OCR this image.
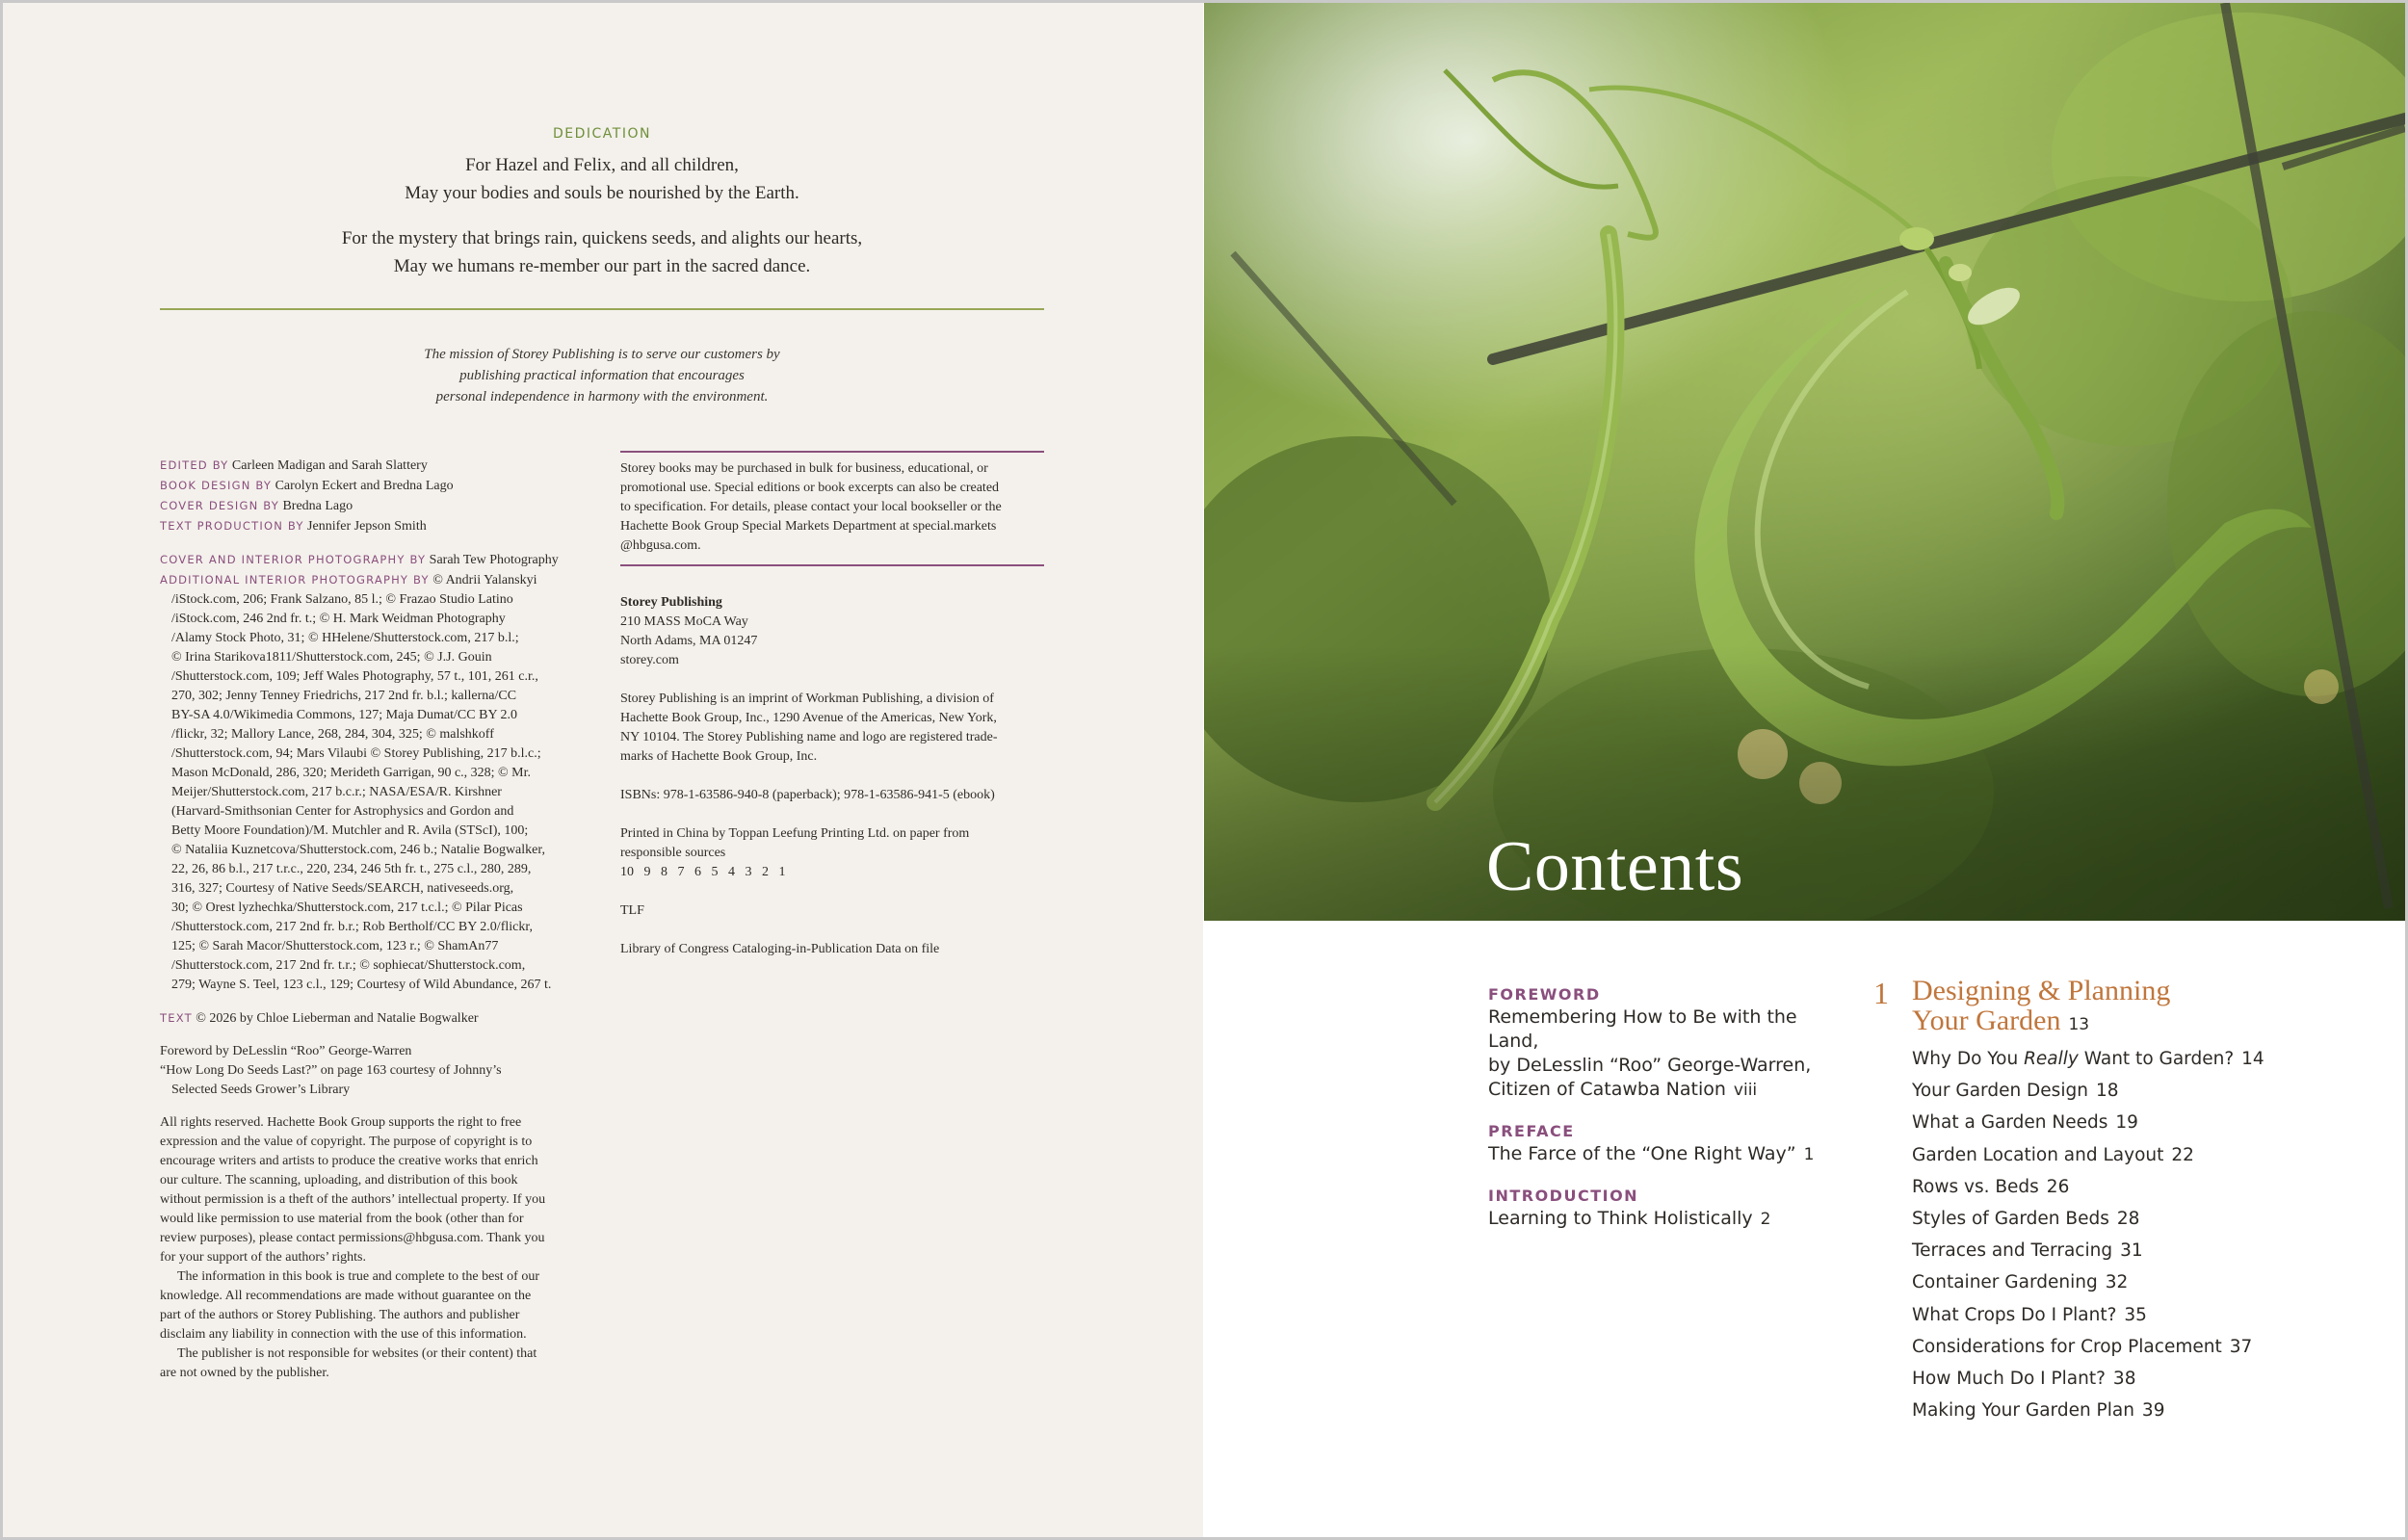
DEDICATION

For Hazel and Felix, and all children,

May your bodies and souls be nourished by the Earth.

For the mystery that brings rain, quickens seeds, and alights our hearts,

May we humans re-member our part in the sacred dance.

The mission of Storey Publishing is to serve our customers by
publishing practical information that encourages
personal independence in harmony with the environment.

EDITED BY Carleen Madigan and Sarah Slattery

BOOK DESIGN BY Carolyn Eckert and Bredna Lago

COVER DESIGN BY Bredna Lago

TEXT PRODUCTION BY Jennifer Jepson Smith

COVER AND INTERIOR PHOTOGRAPHY BY Sarah Tew Photography

ADDITIONAL INTERIOR PHOTOGRAPHY BY © Andrii Yalanskyi

/iStock.com, 206; Frank Salzano, 85 l.; © Frazao Studio Latino
/iStock.com, 246 2nd fr. t.; © H. Mark Weidman Photography
/Alamy Stock Photo, 31; © HHelene/Shutterstock.com, 217 b.l.;
© Irina Starikova1811/Shutterstock.com, 245; © J.J. Gouin
/Shutterstock.com, 109; Jeff Wales Photography, 57 t., 101, 261 c.r.,
270, 302; Jenny Tenney Friedrichs, 217 2nd fr. b.l.; kallerna/CC
BY-SA 4.0/Wikimedia Commons, 127; Maja Dumat/CC BY 2.0
/flickr, 32; Mallory Lance, 268, 284, 304, 325; © malshkoff
/Shutterstock.com, 94; Mars Vilaubi © Storey Publishing, 217 b.l.c.;
Mason McDonald, 286, 320; Merideth Garrigan, 90 c., 328; © Mr.
Meijer/Shutterstock.com, 217 b.c.r.; NASA/ESA/R. Kirshner
(Harvard-Smithsonian Center for Astrophysics and Gordon and
Betty Moore Foundation)/M. Mutchler and R. Avila (STScI), 100;
© Nataliia Kuznetcova/Shutterstock.com, 246 b.; Natalie Bogwalker,
22, 26, 86 b.l., 217 t.r.c., 220, 234, 246 5th fr. t., 275 c.l., 280, 289,
316, 327; Courtesy of Native Seeds/SEARCH, nativeseeds.org,
30; © Orest lyzhechka/Shutterstock.com, 217 t.c.l.; © Pilar Picas
/Shutterstock.com, 217 2nd fr. b.r.; Rob Bertholf/CC BY 2.0/flickr,
125; © Sarah Macor/Shutterstock.com, 123 r.; © ShamAn77
/Shutterstock.com, 217 2nd fr. t.r.; © sophiecat/Shutterstock.com,
279; Wayne S. Teel, 123 c.l., 129; Courtesy of Wild Abundance, 267 t.

TEXT © 2026 by Chloe Lieberman and Natalie Bogwalker

Foreword by DeLesslin “Roo” George-Warren
“How Long Do Seeds Last?” on page 163 courtesy of Johnny’s
Selected Seeds Grower’s Library
All rights reserved. Hachette Book Group supports the right to free
expression and the value of copyright. The purpose of copyright is to
encourage writers and artists to produce the creative works that enrich
our culture. The scanning, uploading, and distribution of this book
without permission is a theft of the authors’ intellectual property. If you
would like permission to use material from the book (other than for
review purposes), please contact permissions@hbgusa.com. Thank you
for your support of the authors’ rights.
The information in this book is true and complete to the best of our
knowledge. All recommendations are made without guarantee on the
part of the authors or Storey Publishing. The authors and publisher
disclaim any liability in connection with the use of this information.
The publisher is not responsible for websites (or their content) that
are not owned by the publisher.
Storey books may be purchased in bulk for business, educational, or
promotional use. Special editions or book excerpts can also be created
to specification. For details, please contact your local bookseller or the
Hachette Book Group Special Markets Department at special.markets
@hbgusa.com.

Storey Publishing
210 MASS MoCA Way
North Adams, MA 01247
storey.com

Storey Publishing is an imprint of Workman Publishing, a division of
Hachette Book Group, Inc., 1290 Avenue of the Americas, New York,
NY 10104. The Storey Publishing name and logo are registered trade-
marks of Hachette Book Group, Inc.

ISBNs: 978-1-63586-940-8 (paperback); 978-1-63586-941-5 (ebook)

Printed in China by Toppan Leefung Printing Ltd. on paper from
responsible sources
10   9   8   7   6   5   4   3   2   1

TLF

Library of Congress Cataloging-in-Publication Data on file

Contents

FOREWORD

Remembering How to Be with the Land,
by DeLesslin “Roo” George-Warren,
Citizen of Catawba Nation viii

PREFACE

The Farce of the “One Right Way” 1

INTRODUCTION

Learning to Think Holistically 2
1 Designing & Planning
Your Garden 13
Why Do You Really Want to Garden? 14
Your Garden Design 18
What a Garden Needs 19
Garden Location and Layout 22
Rows vs. Beds 26
Styles of Garden Beds 28
Terraces and Terracing 31
Container Gardening 32
What Crops Do I Plant? 35
Considerations for Crop Placement 37
How Much Do I Plant? 38
Making Your Garden Plan 39
